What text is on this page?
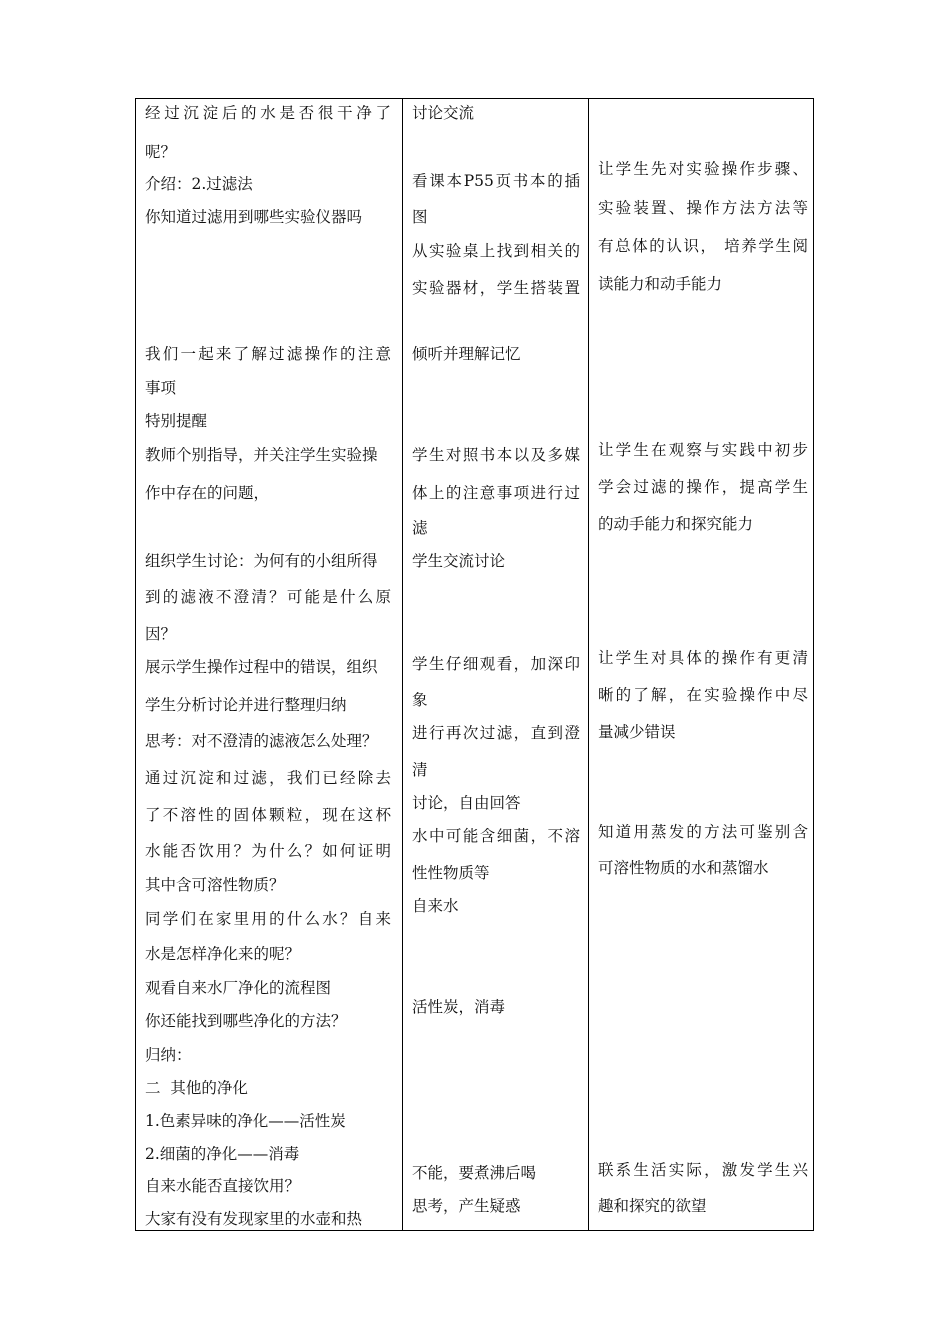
经过沉淀后的水是否很干净了
呢？
介绍：2.过滤法
你知道过滤用到哪些实验仪器吗
我们一起来了解过滤操作的注意
事项
特别提醒
教师个别指导，并关注学生实验操
作中存在的问题，
组织学生讨论：为何有的小组所得
到的滤液不澄清？可能是什么原
因？
展示学生操作过程中的错误，组织
学生分析讨论并进行整理归纳
思考：对不澄清的滤液怎么处理？
通过沉淀和过滤，我们已经除去
了不溶性的固体颗粒，现在这杯
水能否饮用？为什么？如何证明
其中含可溶性物质？
同学们在家里用的什么水？自来
水是怎样净化来的呢？
观看自来水厂净化的流程图
你还能找到哪些净化的方法？
归纳：
二  其他的净化
1.色素异味的净化——活性炭
2.细菌的净化——消毒
自来水能否直接饮用？
大家有没有发现家里的水壶和热
讨论交流
看课本P55页书本的插
图
从实验桌上找到相关的
实验器材，学生搭装置
倾听并理解记忆
学生对照书本以及多媒
体上的注意事项进行过
滤
学生交流讨论
学生仔细观看，加深印
象
进行再次过滤，直到澄
清
讨论，自由回答
水中可能含细菌，不溶
性性物质等
自来水
活性炭，消毒
不能，要煮沸后喝
思考，产生疑惑
让学生先对实验操作步骤、
实验装置、操作方法方法等
有总体的认识， 培养学生阅
读能力和动手能力
让学生在观察与实践中初步
学会过滤的操作，提高学生
的动手能力和探究能力
让学生对具体的操作有更清
晰的了解，在实验操作中尽
量减少错误
知道用蒸发的方法可鉴别含
可溶性物质的水和蒸馏水
联系生活实际，激发学生兴
趣和探究的欲望
